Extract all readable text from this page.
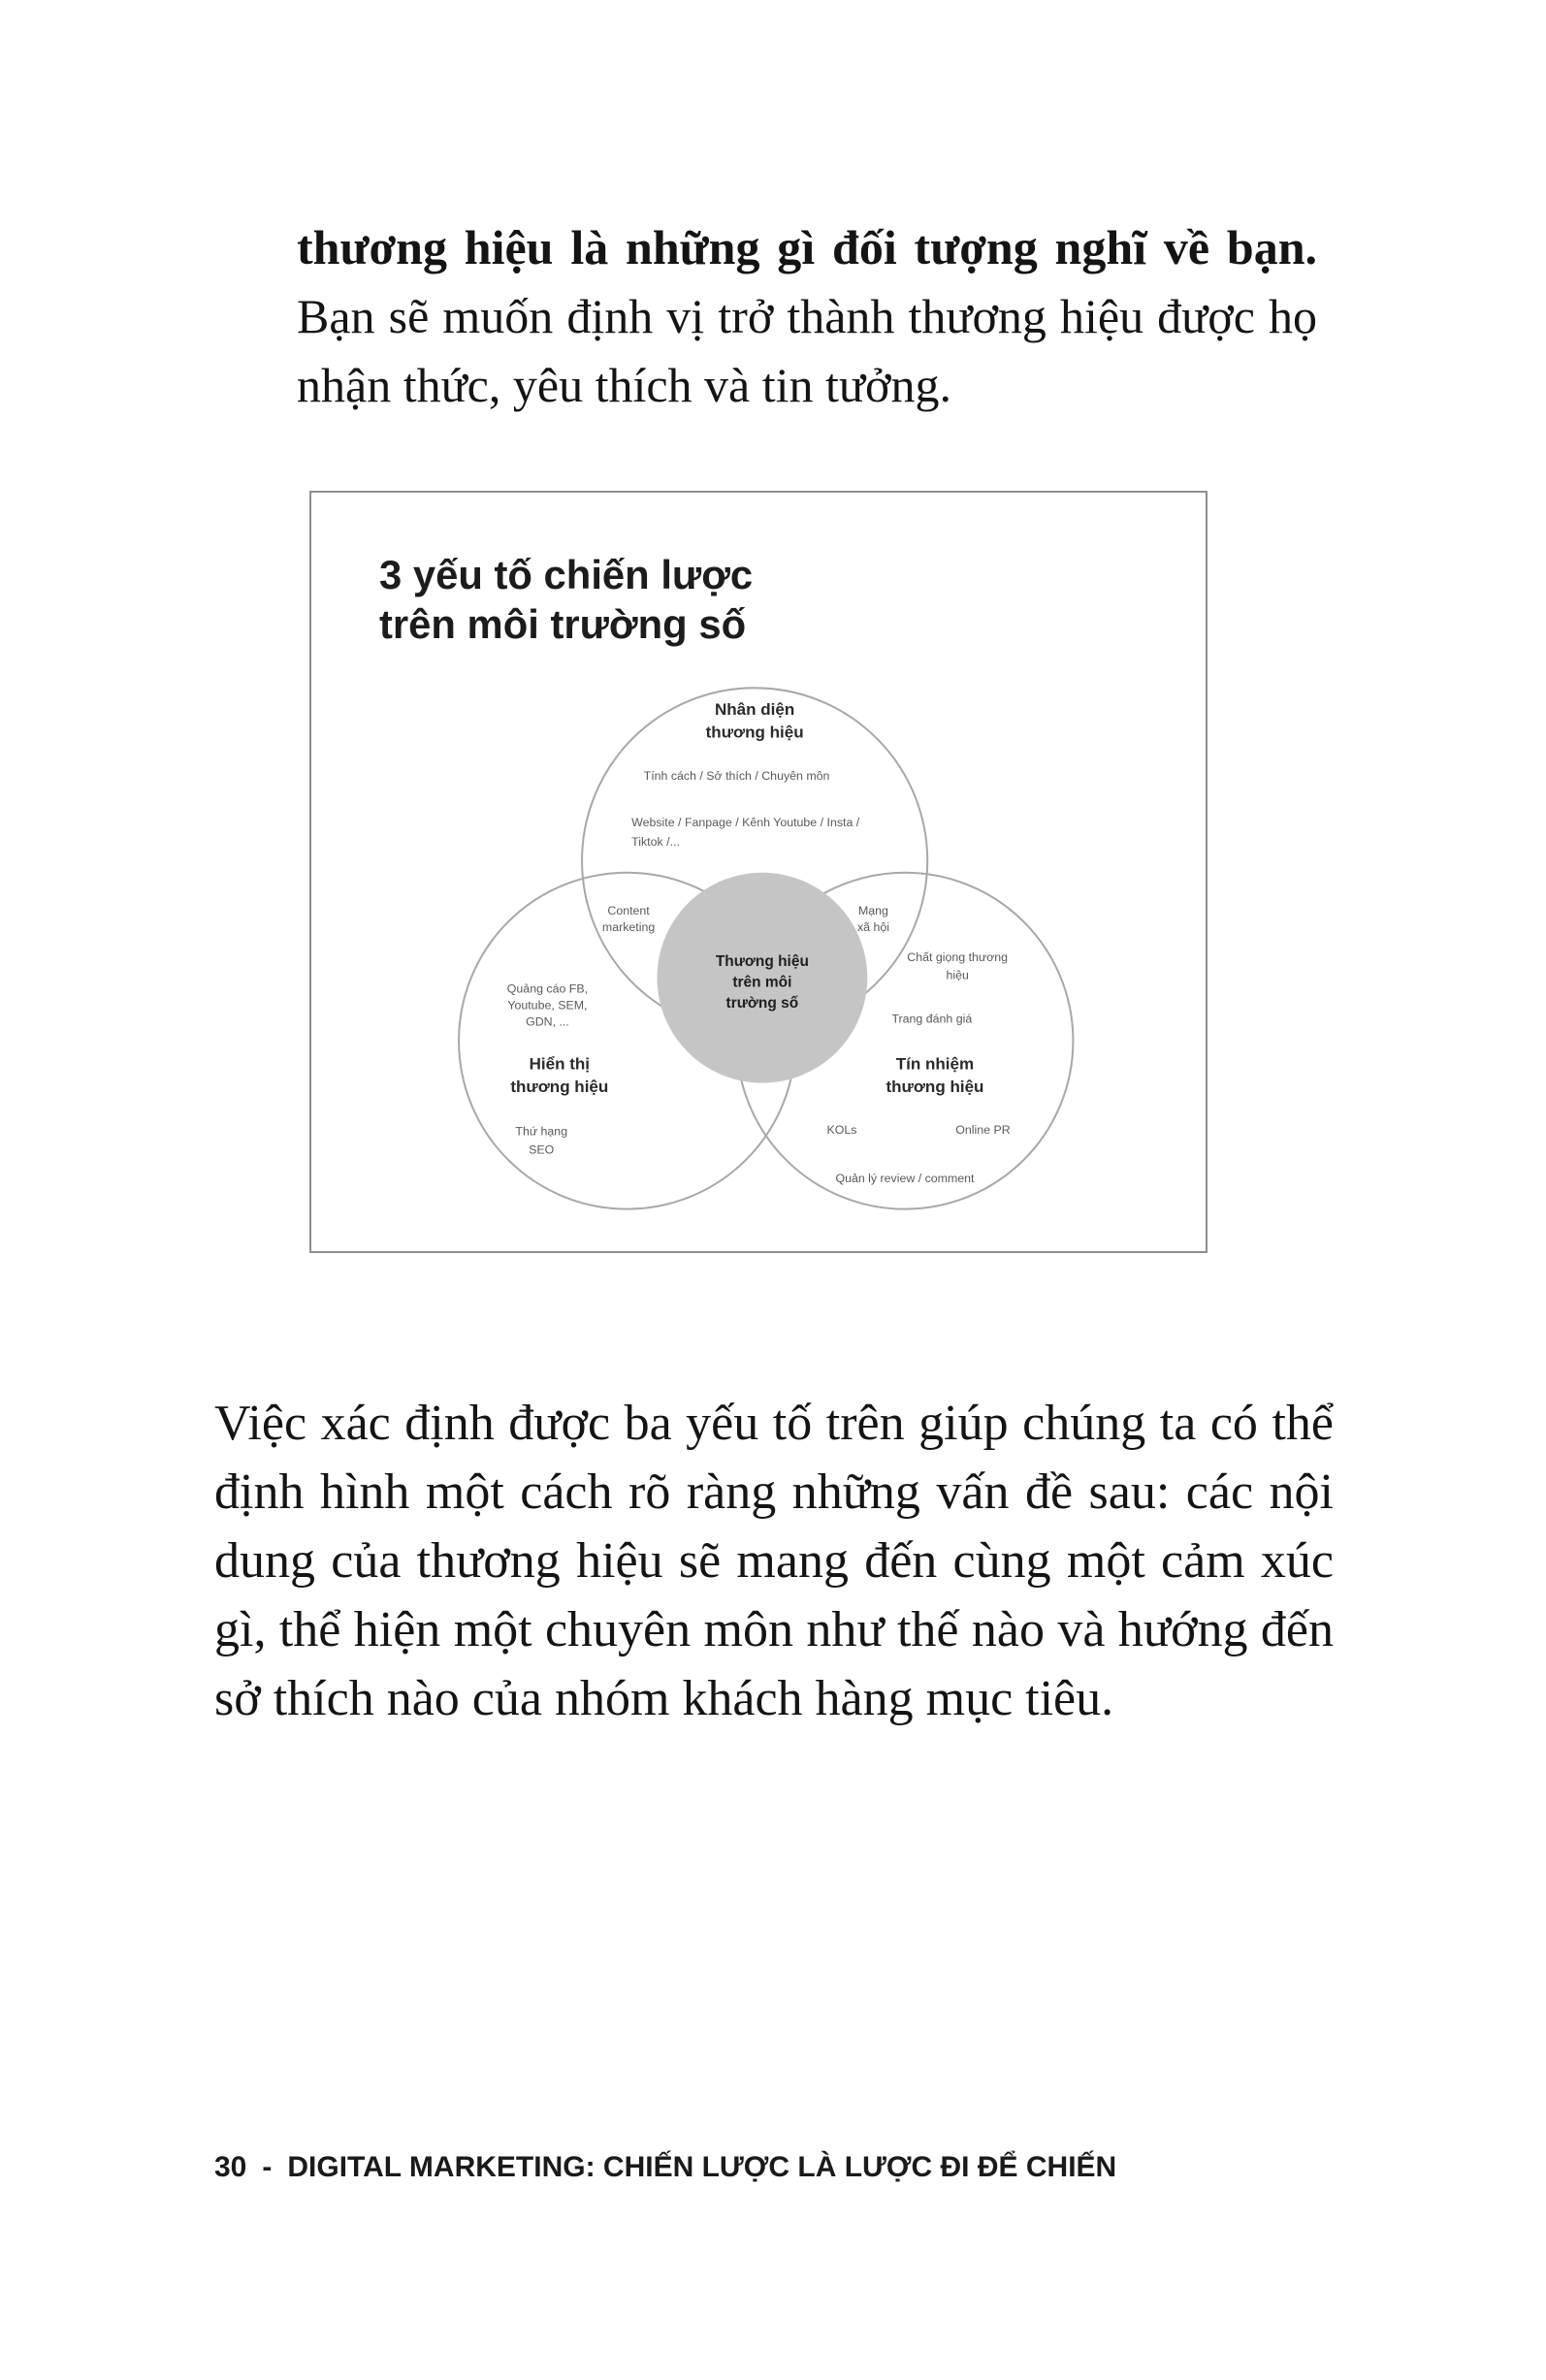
thương hiệu là những gì đối tượng nghĩ về bạn. Bạn sẽ muốn định vị trở thành thương hiệu được họ nhận thức, yêu thích và tin tưởng.

3 yếu tố chiến lược
trên môi trường số
Nhân diện
thương hiệu
Tính cách / Sở thích / Chuyên môn
Website / Fanpage / Kênh Youtube / Insta /
Tiktok /...
Content
marketing
Mạng
xã hội
Thương hiệu
trên môi
trường số
Chất giọng thương
hiệu
Trang đánh giá
Tín nhiệm
thương hiệu
KOLs	Online PR
Quản lý review / comment
Quảng cáo FB,
Youtube, SEM,
GDN, ...
Hiển thị
thương hiệu
Thứ hạng
SEO

Việc xác định được ba yếu tố trên giúp chúng ta có thể định hình một cách rõ ràng những vấn đề sau: các nội dung của thương hiệu sẽ mang đến cùng một cảm xúc gì, thể hiện một chuyên môn như thế nào và hướng đến sở thích nào của nhóm khách hàng mục tiêu.

30 - DIGITAL MARKETING: CHIẾN LƯỢC LÀ LƯỢC ĐI ĐỂ CHIẾN
